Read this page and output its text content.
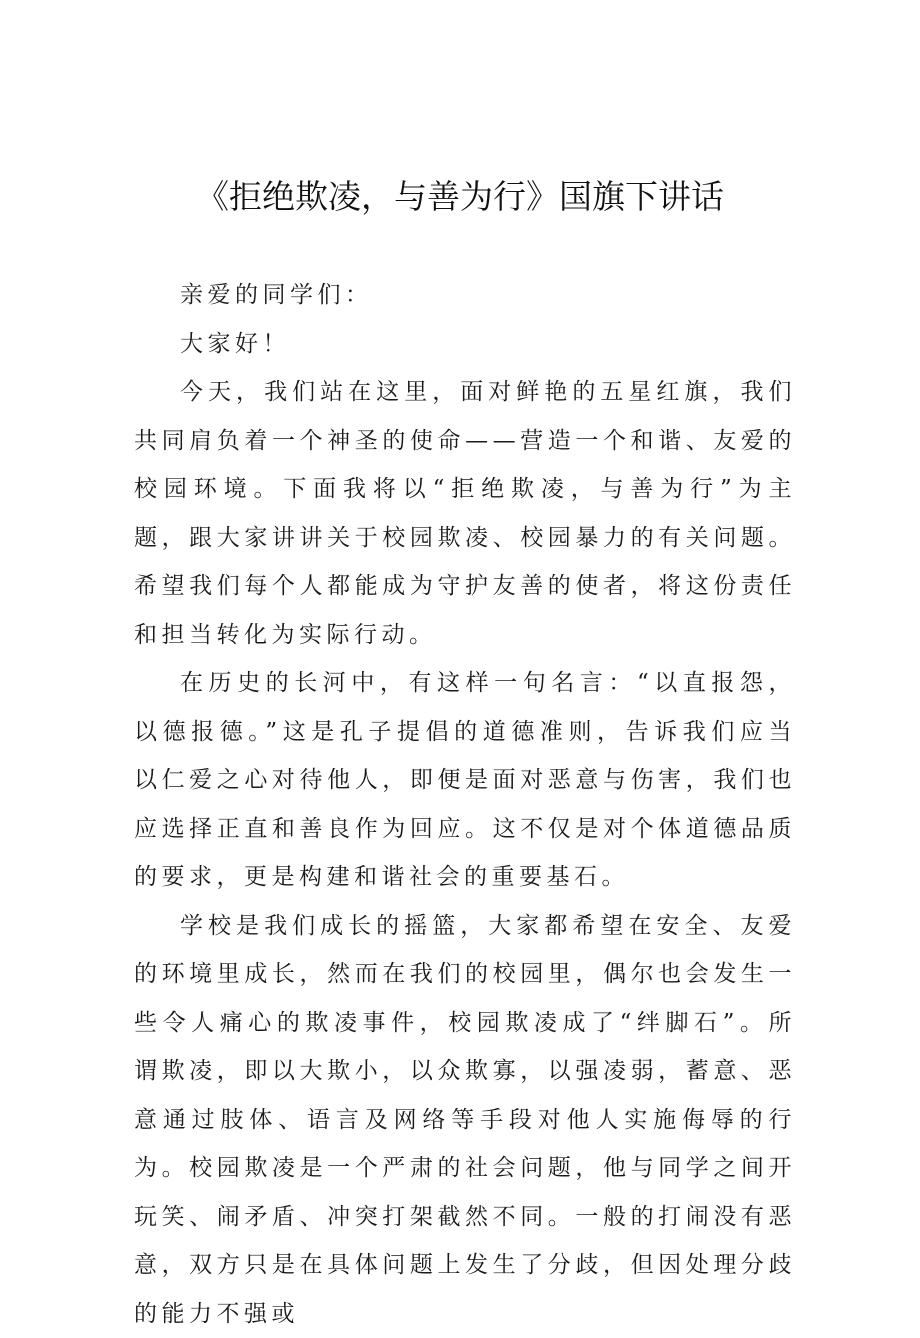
《拒绝欺凌，与善为行》国旗下讲话

亲爱的同学们：

大家好！

今天，我们站在这里，面对鲜艳的五星红旗，我们共同肩负着一个神圣的使命——营造一个和谐、友爱的校园环境。下面我将以“拒绝欺凌，与善为行”为主题，跟大家讲讲关于校园欺凌、校园暴力的有关问题。希望我们每个人都能成为守护友善的使者，将这份责任和担当转化为实际行动。

在历史的长河中，有这样一句名言：“以直报怨，以德报德。”这是孔子提倡的道德准则，告诉我们应当以仁爱之心对待他人，即便是面对恶意与伤害，我们也应选择正直和善良作为回应。这不仅是对个体道德品质的要求，更是构建和谐社会的重要基石。

学校是我们成长的摇篮，大家都希望在安全、友爱的环境里成长，然而在我们的校园里，偶尔也会发生一些令人痛心的欺凌事件，校园欺凌成了“绊脚石”。所谓欺凌，即以大欺小，以众欺寡，以强凌弱，蓄意、恶意通过肢体、语言及网络等手段对他人实施侮辱的行为。校园欺凌是一个严肃的社会问题，他与同学之间开玩笑、闹矛盾、冲突打架截然不同。一般的打闹没有恶意，双方只是在具体问题上发生了分歧，但因处理分歧的能力不强或
